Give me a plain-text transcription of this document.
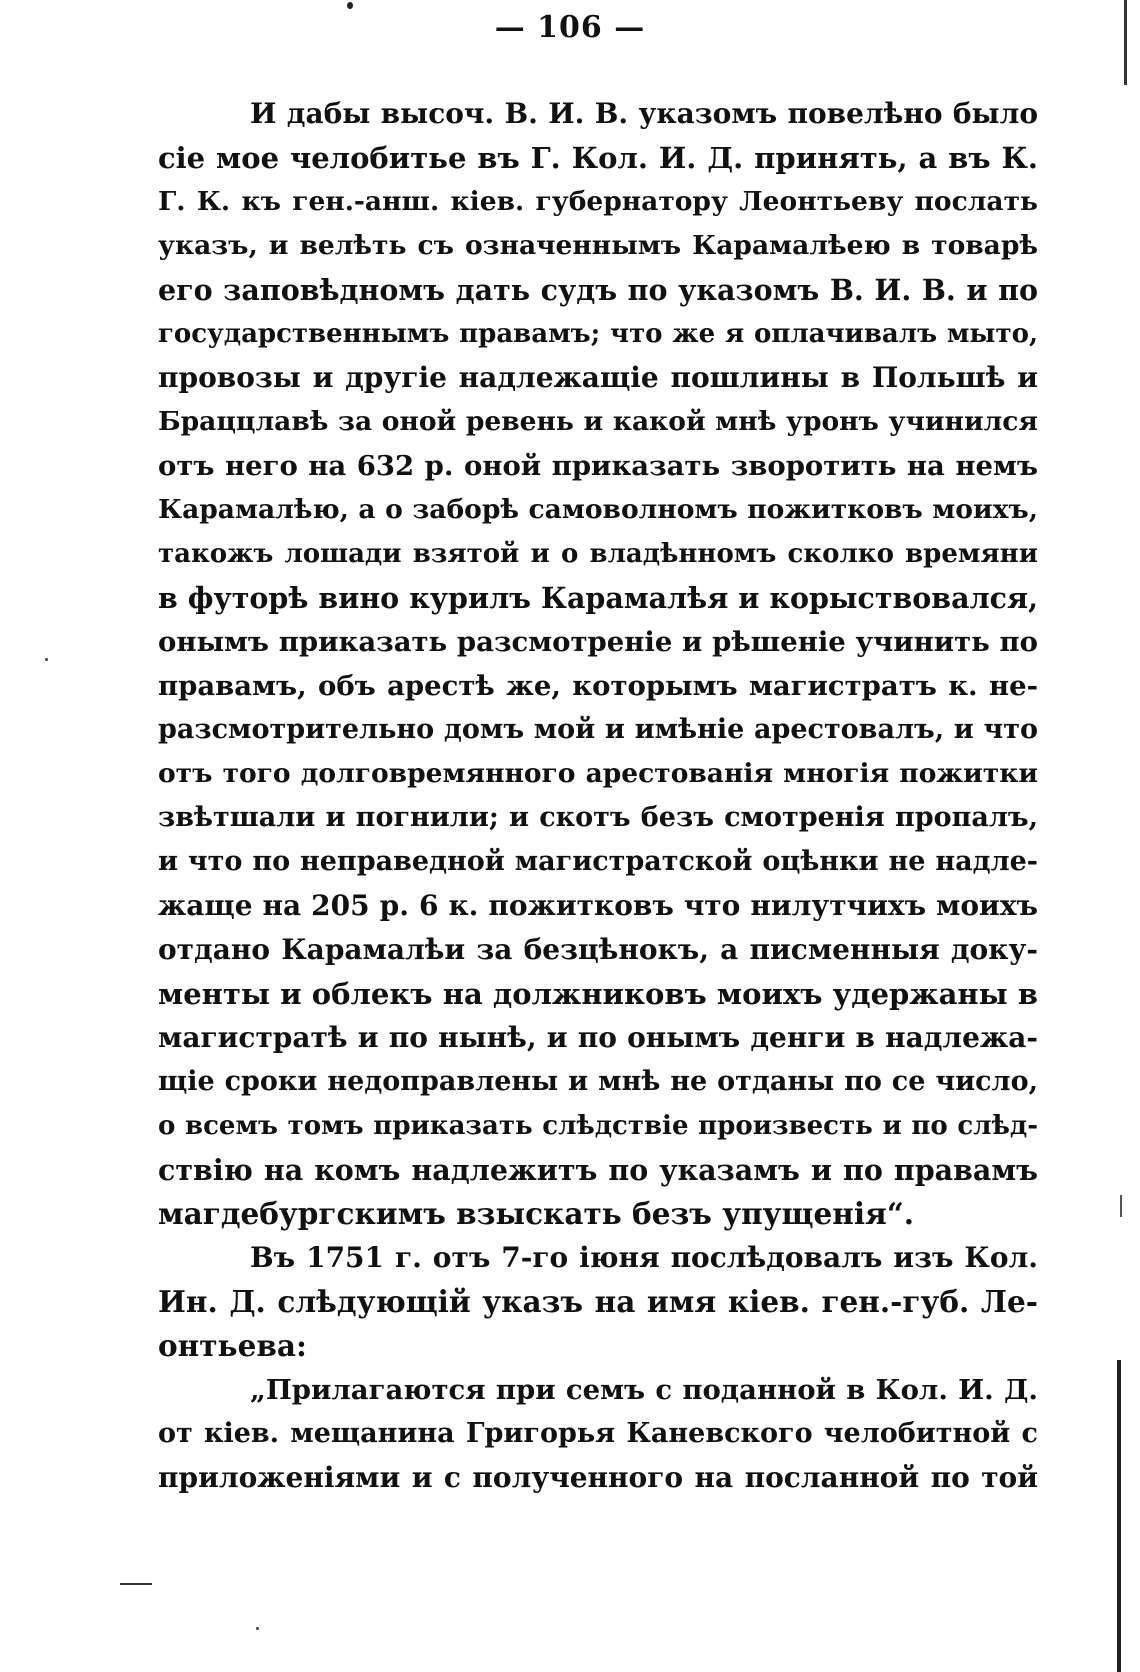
— 106 —
И дабы высоч. В. И. В. указомъ повелѣно было
сіе мое челобитье въ Г. Кол. И. Д. принять, а въ К.
Г. К. къ ген.-анш. кіев. губернатору Леонтьеву послать
указъ, и велѣть съ означеннымъ Карамалѣею в товарѣ
его заповѣдномъ дать судъ по указомъ В. И. В. и по
государственнымъ правамъ; что же я оплачивалъ мыто,
провозы и другіе надлежащіе пошлины в Польшѣ и
Браццлавѣ за оной ревень и какой мнѣ уронъ учинился
отъ него на 632 р. оной приказать зворотить на немъ
Карамалѣю, а о заборѣ самоволномъ пожитковъ моихъ,
такожъ лошади взятой и о владѣнномъ сколко времяни
в футорѣ вино курилъ Карамалѣя и корыствовался,
онымъ приказать разсмотреніе и рѣшеніе учинить по
правамъ, объ арестѣ же, которымъ магистратъ к. не-
разсмотрительно домъ мой и имѣніе арестовалъ, и что
отъ того долговремянного арестованія многія пожитки
звѣтшали и погнили; и скотъ безъ смотренія пропалъ,
и что по неправедной магистратской оцѣнки не надле-
жаще на 205 р. 6 к. пожитковъ что нилутчихъ моихъ
отдано Карамалѣи за безцѣнокъ, а писменныя доку-
менты и облекъ на должниковъ моихъ удержаны в
магистратѣ и по нынѣ, и по онымъ денги в надлежа-
щіе сроки недоправлены и мнѣ не отданы по се число,
о всемъ томъ приказать слѣдствіе произвесть и по слѣд-
ствію на комъ надлежитъ по указамъ и по правамъ
магдебургскимъ взыскать безъ упущенія“.
Въ 1751 г. отъ 7-го іюня послѣдовалъ изъ Кол.
Ин. Д. слѣдующій указъ на имя кіев. ген.-губ. Ле-
онтьева:
„Прилагаются при семъ с поданной в Кол. И. Д.
от кіев. мещанина Григорья Каневского челобитной с
приложеніями и с полученного на посланной по той
